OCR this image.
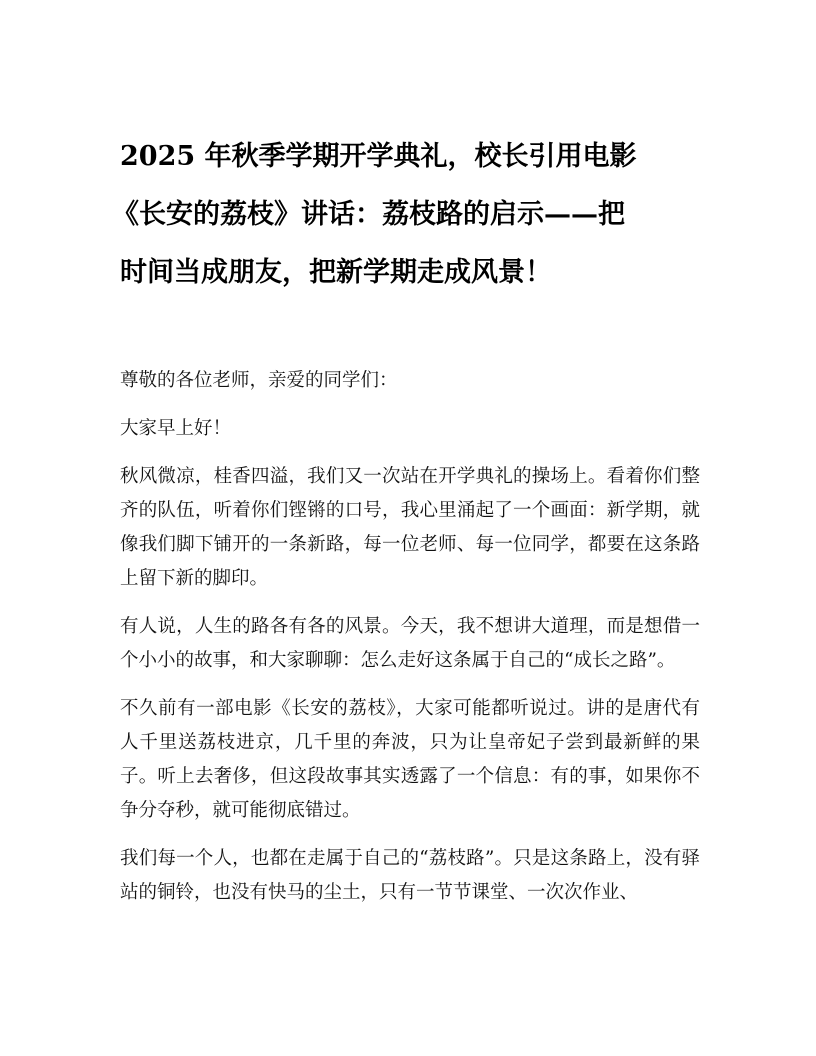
2025 年秋季学期开学典礼，校长引用电影
《长安的荔枝》讲话：荔枝路的启示——把
时间当成朋友，把新学期走成风景！

尊敬的各位老师，亲爱的同学们：

大家早上好！

秋风微凉，桂香四溢，我们又一次站在开学典礼的操场上。看着你们整齐的队伍，听着你们铿锵的口号，我心里涌起了一个画面：新学期，就像我们脚下铺开的一条新路，每一位老师、每一位同学，都要在这条路上留下新的脚印。

有人说，人生的路各有各的风景。今天，我不想讲大道理，而是想借一个小小的故事，和大家聊聊：怎么走好这条属于自己的“成长之路”。

不久前有一部电影《长安的荔枝》，大家可能都听说过。讲的是唐代有人千里送荔枝进京，几千里的奔波，只为让皇帝妃子尝到最新鲜的果子。听上去奢侈，但这段故事其实透露了一个信息：有的事，如果你不争分夺秒，就可能彻底错过。

我们每一个人，也都在走属于自己的“荔枝路”。只是这条路上，没有驿站的铜铃，也没有快马的尘土，只有一节节课堂、一次次作业、
